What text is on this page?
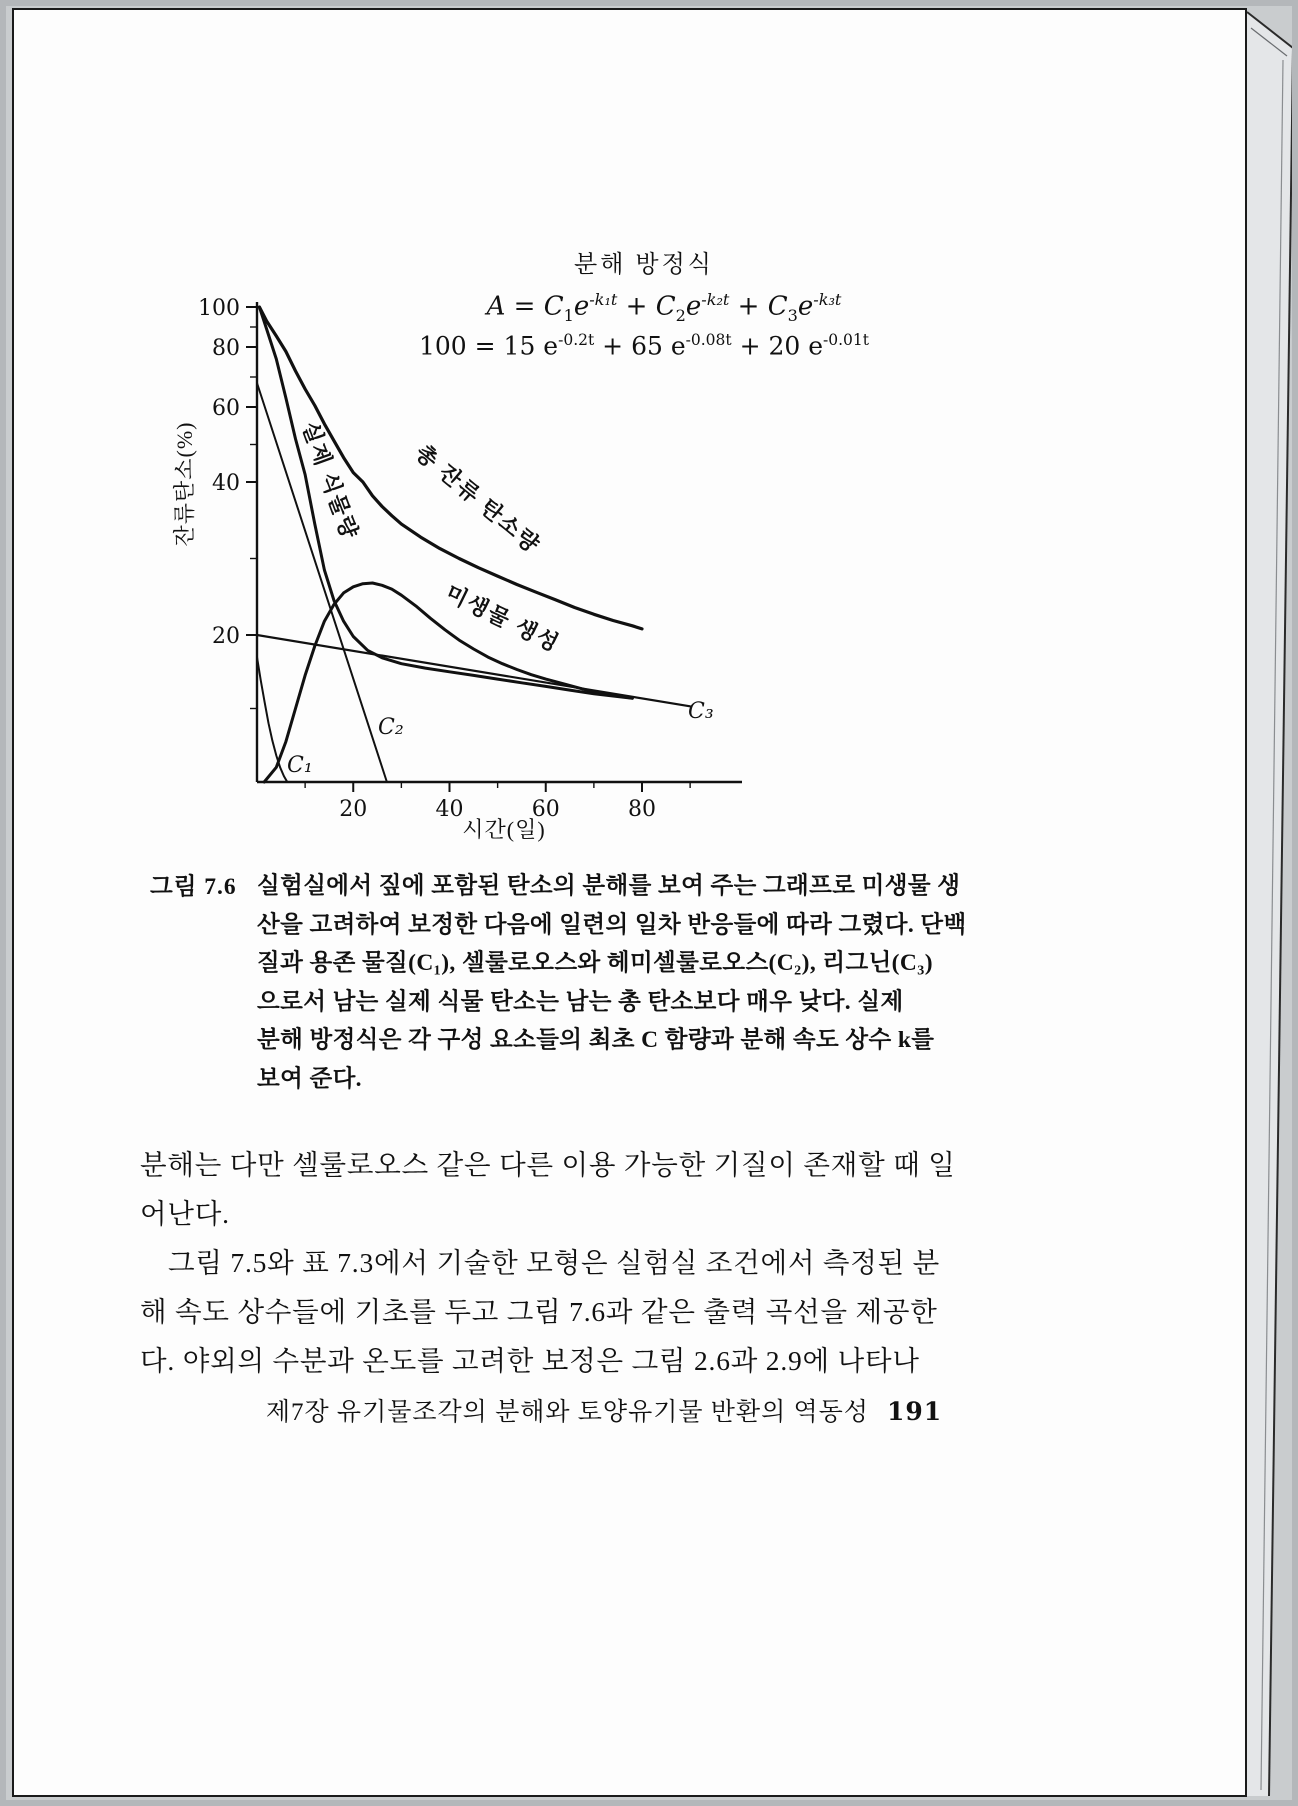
분해 방정식
$A = C_1e^{-k_1t} + C_2e^{-k_2t} + C_3e^{-k_3t}$
100 = 15 $e^{-0.2t} + 65$ $e^{-0.08t} + 20$ $e^{-0.01t}$
100
80
60
40
20
20	40	60	80
잔류탄소(%)
시간(일)
실제 식물량 총 잔류 탄소량
미생물 생성
C₁
C₂
C₃
그림 7.6 실험실에서 짚에 포함된 탄소의 분해를 보여 주는 그래프로 미생물 생
산을 고려하여 보정한 다음에 일련의 일차 반응들에 따라 그렸다. 단백
질과 용존 물질(C₁), 셀룰로오스와 헤미셀룰로오스(C₂), 리그닌(C₃)
으로서 남는 실제 식물 탄소는 남는 총 탄소보다 매우 낮다. 실제
분해 방정식은 각 구성 요소들의 최초 C 함량과 분해 속도 상수 k를
보여 준다.
분해는 다만 셀룰로오스 같은 다른 이용 가능한 기질이 존재할 때 일
어난다.
그림 7.5와 표 7.3에서 기술한 모형은 실험실 조건에서 측정된 분
해 속도 상수들에 기초를 두고 그림 7.6과 같은 출력 곡선을 제공한
다. 야외의 수분과 온도를 고려한 보정은 그림 2.6과 2.9에 나타나
제7장 유기물조각의 분해와 토양유기물 반환의 역동성 191
